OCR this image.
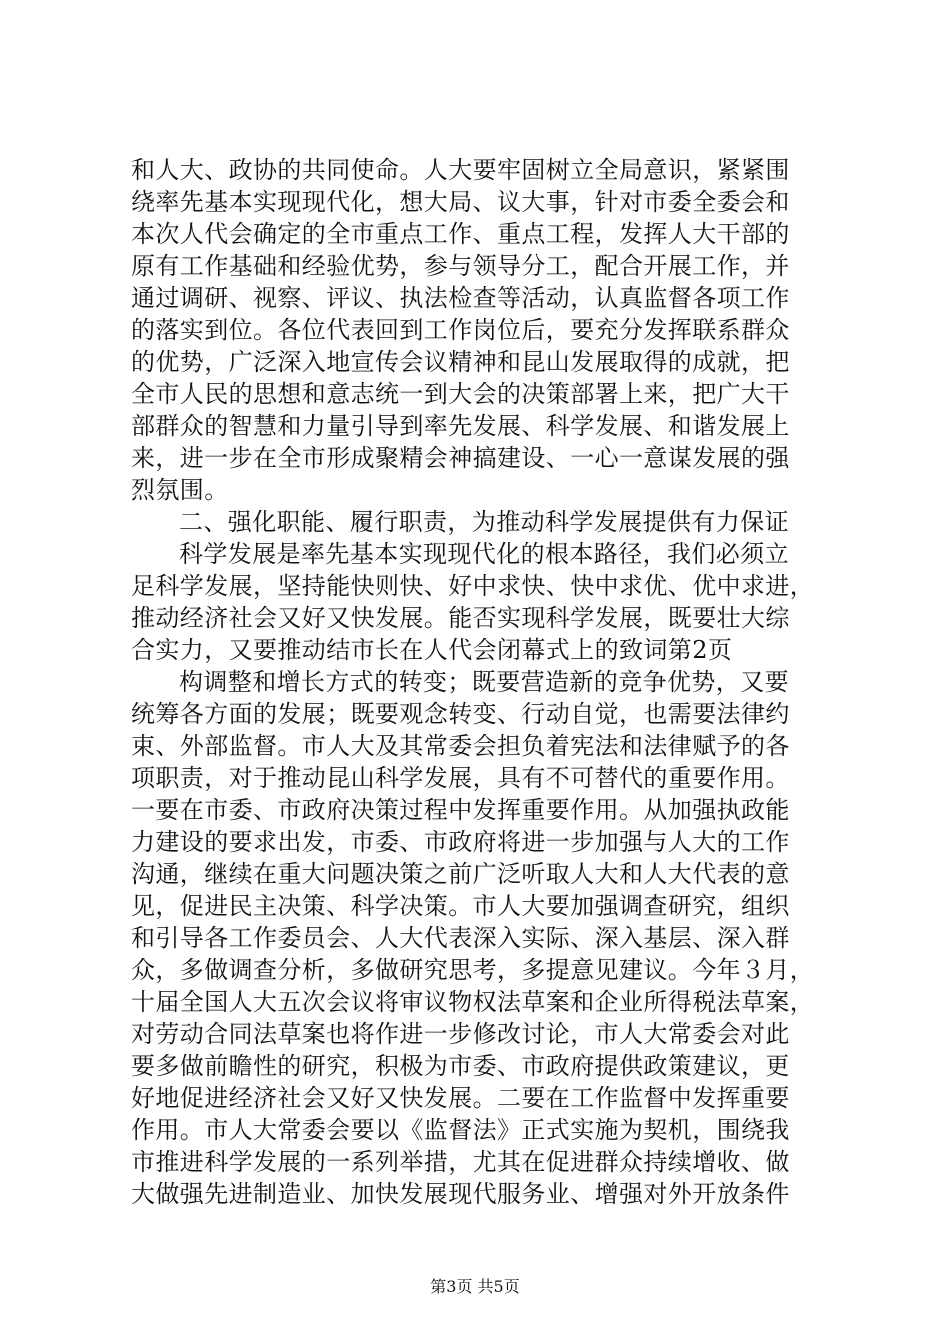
和人大、政协的共同使命。人大要牢固树立全局意识，紧紧围
绕率先基本实现现代化，想大局、议大事，针对市委全委会和
本次人代会确定的全市重点工作、重点工程，发挥人大干部的
原有工作基础和经验优势，参与领导分工，配合开展工作，并
通过调研、视察、评议、执法检查等活动，认真监督各项工作
的落实到位。各位代表回到工作岗位后，要充分发挥联系群众
的优势，广泛深入地宣传会议精神和昆山发展取得的成就，把
全市人民的思想和意志统一到大会的决策部署上来，把广大干
部群众的智慧和力量引导到率先发展、科学发展、和谐发展上
来，进一步在全市形成聚精会神搞建设、一心一意谋发展的强
烈氛围。
二、强化职能、履行职责，为推动科学发展提供有力保证
科学发展是率先基本实现现代化的根本路径，我们必须立
足科学发展，坚持能快则快、好中求快、快中求优、优中求进，
推动经济社会又好又快发展。能否实现科学发展，既要壮大综
合实力，又要推动结市长在人代会闭幕式上的致词第2页
构调整和增长方式的转变；既要营造新的竞争优势，又要
统筹各方面的发展；既要观念转变、行动自觉，也需要法律约
束、外部监督。市人大及其常委会担负着宪法和法律赋予的各
项职责，对于推动昆山科学发展，具有不可替代的重要作用。
一要在市委、市政府决策过程中发挥重要作用。从加强执政能
力建设的要求出发，市委、市政府将进一步加强与人大的工作
沟通，继续在重大问题决策之前广泛听取人大和人大代表的意
见，促进民主决策、科学决策。市人大要加强调查研究，组织
和引导各工作委员会、人大代表深入实际、深入基层、深入群
众，多做调查分析，多做研究思考，多提意见建议。今年３月，
十届全国人大五次会议将审议物权法草案和企业所得税法草案，
对劳动合同法草案也将作进一步修改讨论，市人大常委会对此
要多做前瞻性的研究，积极为市委、市政府提供政策建议，更
好地促进经济社会又好又快发展。二要在工作监督中发挥重要
作用。市人大常委会要以《监督法》正式实施为契机，围绕我
市推进科学发展的一系列举措，尤其在促进群众持续增收、做
大做强先进制造业、加快发展现代服务业、增强对外开放条件
第3页 共5页
